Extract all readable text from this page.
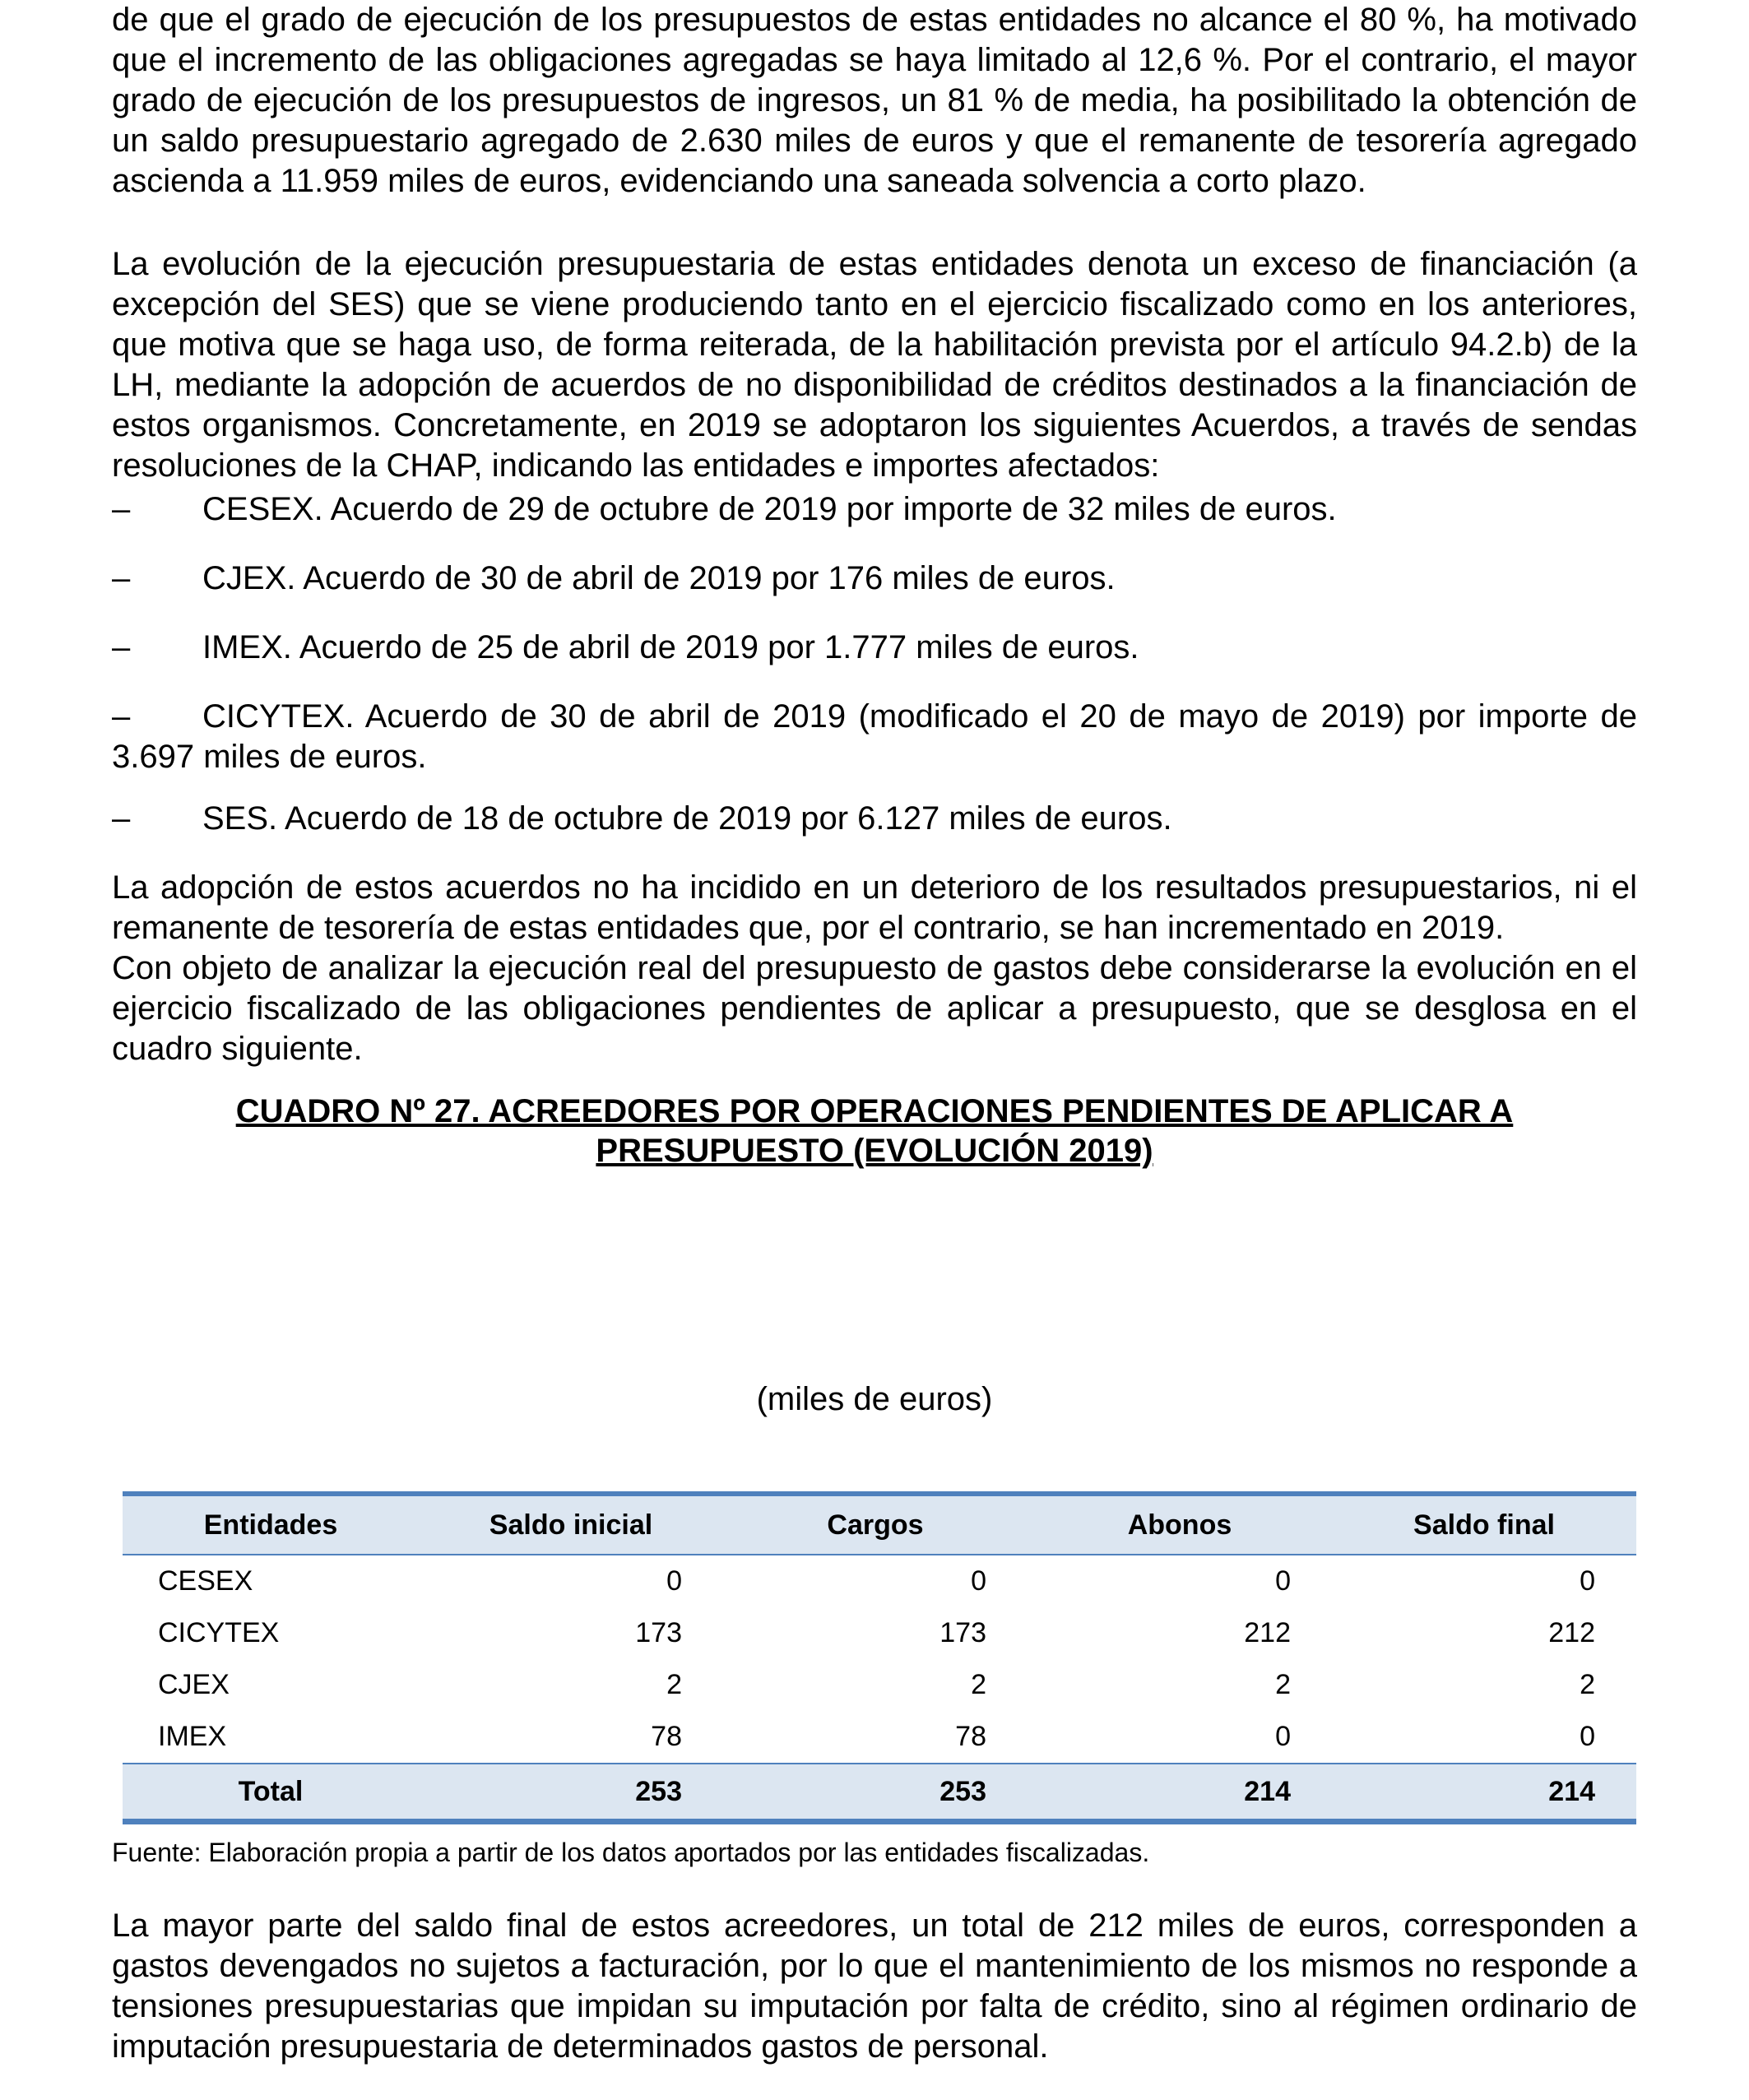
de que el grado de ejecución de los presupuestos de estas entidades no alcance el 80 %, ha motivado que el incremento de las obligaciones agregadas se haya limitado al 12,6 %. Por el contrario, el mayor grado de ejecución de los presupuestos de ingresos, un 81 % de media, ha posibilitado la obtención de un saldo presupuestario agregado de 2.630 miles de euros y que el remanente de tesorería agregado ascienda a 11.959 miles de euros, evidenciando una saneada solvencia a corto plazo.

La evolución de la ejecución presupuestaria de estas entidades denota un exceso de financiación (a excepción del SES) que se viene produciendo tanto en el ejercicio fiscalizado como en los anteriores, que motiva que se haga uso, de forma reiterada, de la habilitación prevista por el artículo 94.2.b) de la LH, mediante la adopción de acuerdos de no disponibilidad de créditos destinados a la financiación de estos organismos. Concretamente, en 2019 se adoptaron los siguientes Acuerdos, a través de sendas resoluciones de la CHAP, indicando las entidades e importes afectados:

– CESEX. Acuerdo de 29 de octubre de 2019 por importe de 32 miles de euros.

– CJEX. Acuerdo de 30 de abril de 2019 por 176 miles de euros.

– IMEX. Acuerdo de 25 de abril de 2019 por 1.777 miles de euros.

– CICYTEX. Acuerdo de 30 de abril de 2019 (modificado el 20 de mayo de 2019) por importe de 3.697 miles de euros.

– SES. Acuerdo de 18 de octubre de 2019 por 6.127 miles de euros.

La adopción de estos acuerdos no ha incidido en un deterioro de los resultados presupuestarios, ni el remanente de tesorería de estas entidades que, por el contrario, se han incrementado en 2019.

Con objeto de analizar la ejecución real del presupuesto de gastos debe considerarse la evolución en el ejercicio fiscalizado de las obligaciones pendientes de aplicar a presupuesto, que se desglosa en el cuadro siguiente.

CUADRO Nº 27. ACREEDORES POR OPERACIONES PENDIENTES DE APLICAR A

PRESUPUESTO (EVOLUCIÓN 2019)

(miles de euros)

Entidades	Saldo inicial	Cargos	Abonos	Saldo final
CESEX	0	0	0	0
CICYTEX	173	173	212	212
CJEX	2	2	2	2
IMEX	78	78	0	0
Total	253	253	214	214

Fuente: Elaboración propia a partir de los datos aportados por las entidades fiscalizadas.

La mayor parte del saldo final de estos acreedores, un total de 212 miles de euros, corresponden a gastos devengados no sujetos a facturación, por lo que el mantenimiento de los mismos no responde a tensiones presupuestarias que impidan su imputación por falta de crédito, sino al régimen ordinario de imputación presupuestaria de determinados gastos de personal.
